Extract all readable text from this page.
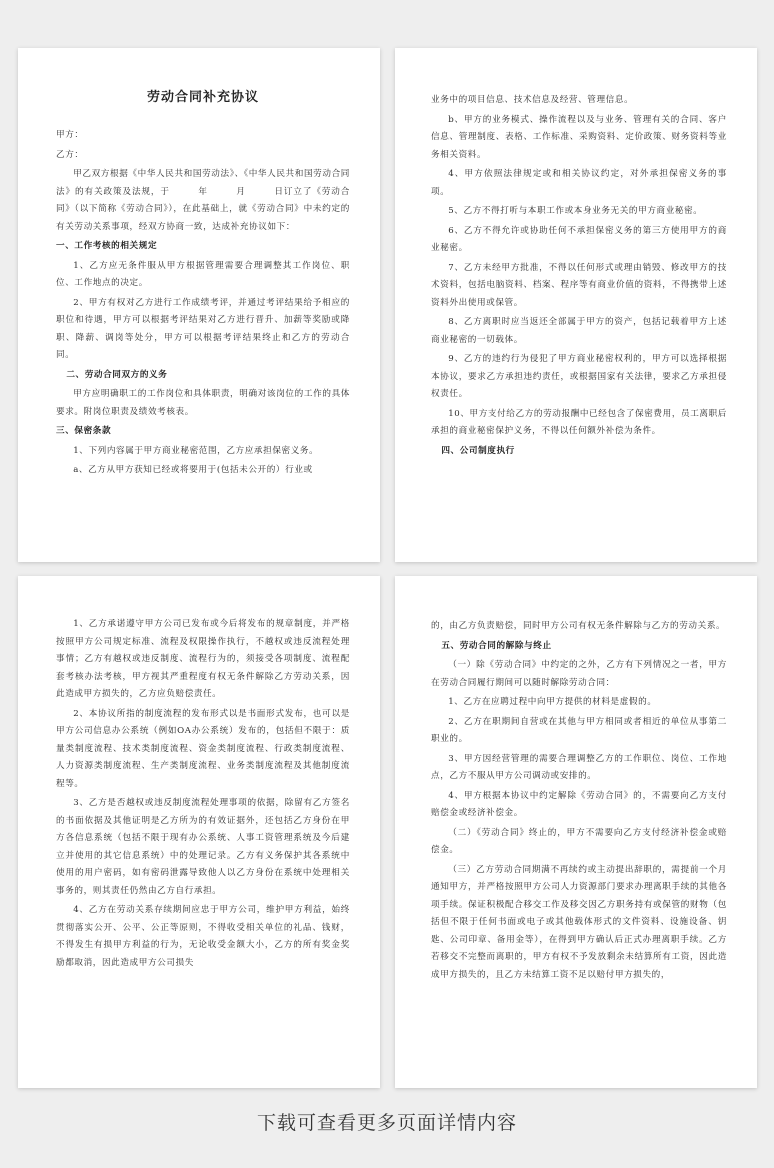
劳动合同补充协议

甲方：

乙方：

甲乙双方根据《中华人民共和国劳动法》、《中华人民共和国劳动合同法》的有关政策及法规，于　　　年　　　月　　　日订立了《劳动合同》（以下简称《劳动合同》），在此基础上，就《劳动合同》中未约定的有关劳动关系事项，经双方协商一致，达成补充协议如下：

一、工作考核的相关规定

1、乙方应无条件服从甲方根据管理需要合理调整其工作岗位、职位、工作地点的决定。

2、甲方有权对乙方进行工作成绩考评，并通过考评结果给予相应的职位和待遇，甲方可以根据考评结果对乙方进行晋升、加薪等奖励或降职、降薪、调岗等处分，甲方可以根据考评结果终止和乙方的劳动合同。

二、劳动合同双方的义务

甲方应明确职工的工作岗位和具体职责，明确对该岗位的工作的具体要求。附岗位职责及绩效考核表。

三、保密条款

1、下列内容属于甲方商业秘密范围，乙方应承担保密义务。

a、乙方从甲方获知已经或将要用于(包括未公开的）行业或

业务中的项目信息、技术信息及经营、管理信息。

b、甲方的业务模式、操作流程以及与业务、管理有关的合同、客户信息、管理制度、表格、工作标准、采购资料、定价政策、财务资料等业务相关资料。

4、甲方依照法律规定或和相关协议约定，对外承担保密义务的事项。

5、乙方不得打听与本职工作或本身业务无关的甲方商业秘密。

6、乙方不得允许或协助任何不承担保密义务的第三方使用甲方的商业秘密。

7、乙方未经甲方批准，不得以任何形式或理由销毁、修改甲方的技术资料，包括电脑资料、档案、程序等有商业价值的资料，不得携带上述资料外出使用或保管。

8、乙方离职时应当返还全部属于甲方的资产，包括记载着甲方上述商业秘密的一切载体。

9、乙方的违约行为侵犯了甲方商业秘密权利的，甲方可以选择根据本协议，要求乙方承担违约责任，或根据国家有关法律，要求乙方承担侵权责任。

10、甲方支付给乙方的劳动报酬中已经包含了保密费用，员工离职后承担的商业秘密保护义务，不得以任何额外补偿为条件。

四、公司制度执行

1、乙方承诺遵守甲方公司已发布或今后将发布的规章制度，并严格按照甲方公司规定标准、流程及权限操作执行，不越权或违反流程处理事情；乙方有越权或违反制度、流程行为的，须接受各项制度、流程配套考核办法考核，甲方视其严重程度有权无条件解除乙方劳动关系，因此造成甲方损失的，乙方应负赔偿责任。

2、本协议所指的制度流程的发布形式以是书面形式发布，也可以是甲方公司信息办公系统（例如OA办公系统）发布的，包括但不限于：质量类制度流程、技术类制度流程、资金类制度流程、行政类制度流程、人力资源类制度流程、生产类制度流程、业务类制度流程及其他制度流程等。

3、乙方是否越权或违反制度流程处理事项的依据，除留有乙方签名的书面依据及其他证明是乙方所为的有效证据外，还包括乙方身份在甲方各信息系统（包括不限于现有办公系统、人事工资管理系统及今后建立并使用的其它信息系统）中的处理记录。乙方有义务保护其各系统中使用的用户密码，如有密码泄露导致他人以乙方身份在系统中处理相关事务的，则其责任仍然由乙方自行承担。

4、乙方在劳动关系存续期间应忠于甲方公司，维护甲方利益，始终贯彻落实公开、公平、公正等原则，不得收受相关单位的礼品、钱财，不得发生有损甲方利益的行为，无论收受金额大小，乙方的所有奖金奖励都取消，因此造成甲方公司损失

的，由乙方负责赔偿，同时甲方公司有权无条件解除与乙方的劳动关系。

五、劳动合同的解除与终止

（一）除《劳动合同》中约定的之外，乙方有下列情况之一者，甲方在劳动合同履行期间可以随时解除劳动合同：

1、乙方在应聘过程中向甲方提供的材料是虚假的。

2、乙方在职期间自营或在其他与甲方相同或者相近的单位从事第二职业的。

3、甲方因经营管理的需要合理调整乙方的工作职位、岗位、工作地点，乙方不服从甲方公司调动或安排的。

4、甲方根据本协议中约定解除《劳动合同》的，不需要向乙方支付赔偿金或经济补偿金。

（二）《劳动合同》终止的，甲方不需要向乙方支付经济补偿金或赔偿金。

（三）乙方劳动合同期满不再续约或主动提出辞职的，需提前一个月通知甲方，并严格按照甲方公司人力资源部门要求办理离职手续的其他各项手续。保证积极配合移交工作及移交因乙方职务持有或保管的财物（包括但不限于任何书面或电子或其他载体形式的文件资料、设施设备、钥匙、公司印章、备用金等），在得到甲方确认后正式办理离职手续。乙方若移交不完整而离职的，甲方有权不予发放剩余未结算所有工资，因此造成甲方损失的，且乙方未结算工资不足以赔付甲方损失的，

下载可查看更多页面详情内容
